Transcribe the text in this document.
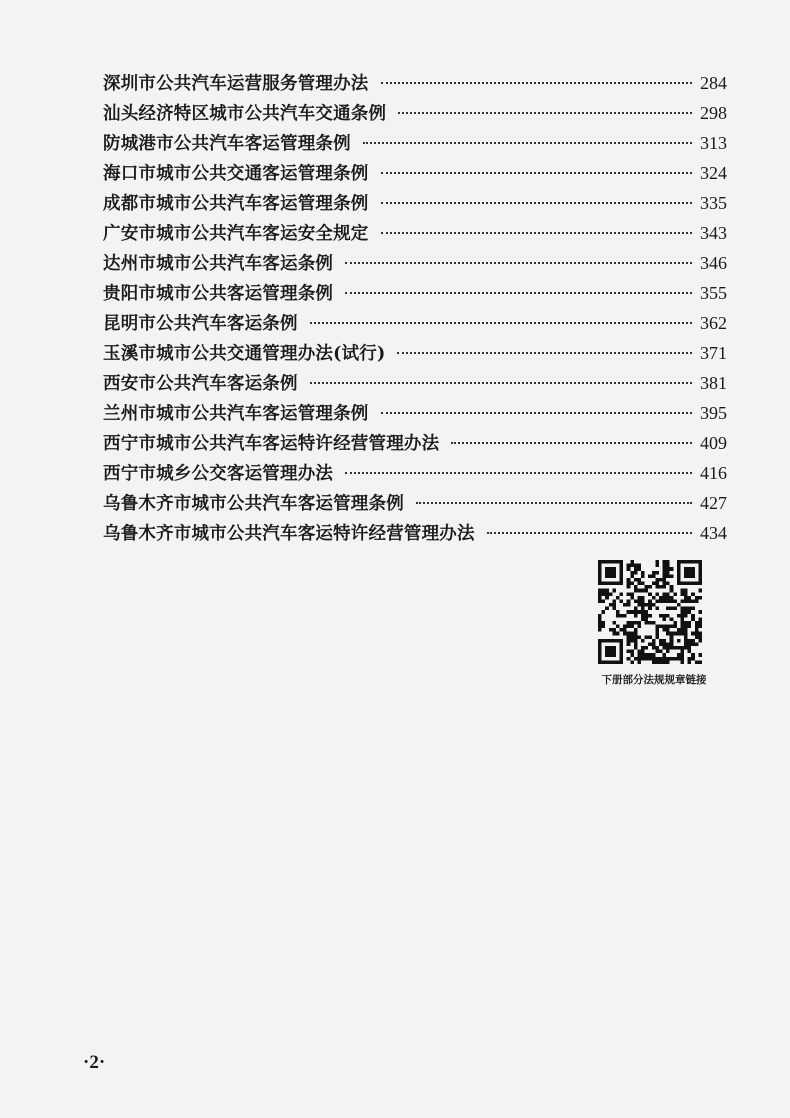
深圳市公共汽车运营服务管理办法	284
汕头经济特区城市公共汽车交通条例	298
防城港市公共汽车客运管理条例	313
海口市城市公共交通客运管理条例	324
成都市城市公共汽车客运管理条例	335
广安市城市公共汽车客运安全规定	343
达州市城市公共汽车客运条例	346
贵阳市城市公共客运管理条例	355
昆明市公共汽车客运条例	362
玉溪市城市公共交通管理办法(试行)	371
西安市公共汽车客运条例	381
兰州市城市公共汽车客运管理条例	395
西宁市城市公共汽车客运特许经营管理办法	409
西宁市城乡公交客运管理办法	416
乌鲁木齐市城市公共汽车客运管理条例	427
乌鲁木齐市城市公共汽车客运特许经营管理办法	434
下册部分法规规章链接
·2·
